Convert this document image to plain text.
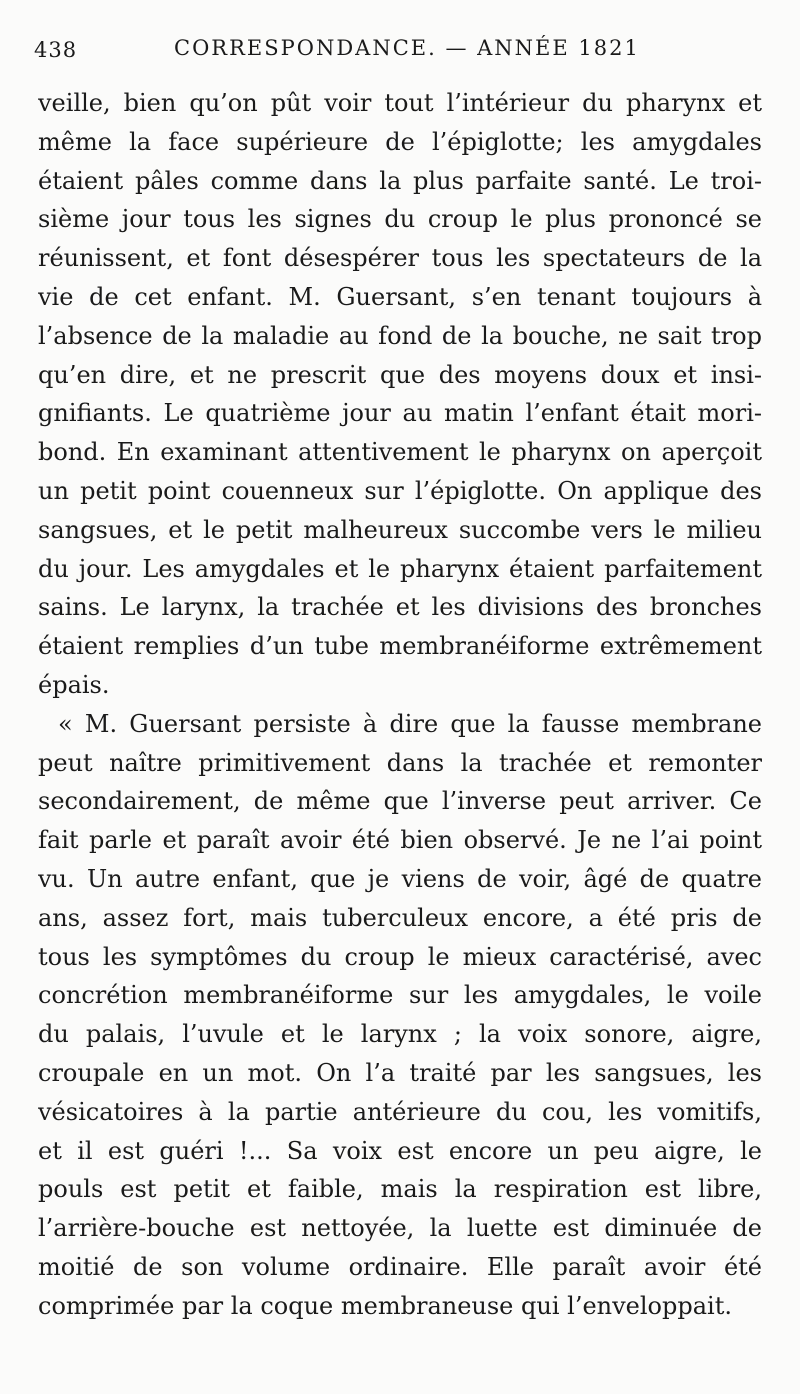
438	CORRESPONDANCE. — ANNÉE 1821
veille, bien qu’on pût voir tout l’intérieur du pharynx et
même la face supérieure de l’épiglotte; les amygdales
étaient pâles comme dans la plus parfaite santé. Le troi-
sième jour tous les signes du croup le plus prononcé se
réunissent, et font désespérer tous les spectateurs de la
vie de cet enfant. M. Guersant, s’en tenant toujours à
l’absence de la maladie au fond de la bouche, ne sait trop
qu’en dire, et ne prescrit que des moyens doux et insi-
gnifiants. Le quatrième jour au matin l’enfant était mori-
bond. En examinant attentivement le pharynx on aperçoit
un petit point couenneux sur l’épiglotte. On applique des
sangsues, et le petit malheureux succombe vers le milieu
du jour. Les amygdales et le pharynx étaient parfaitement
sains. Le larynx, la trachée et les divisions des bronches
étaient remplies d’un tube membranéiforme extrêmement
épais.
« M. Guersant persiste à dire que la fausse membrane
peut naître primitivement dans la trachée et remonter
secondairement, de même que l’inverse peut arriver. Ce
fait parle et paraît avoir été bien observé. Je ne l’ai point
vu. Un autre enfant, que je viens de voir, âgé de quatre
ans, assez fort, mais tuberculeux encore, a été pris de
tous les symptômes du croup le mieux caractérisé, avec
concrétion membranéiforme sur les amygdales, le voile
du palais, l’uvule et le larynx ; la voix sonore, aigre,
croupale en un mot. On l’a traité par les sangsues, les
vésicatoires à la partie antérieure du cou, les vomitifs,
et il est guéri !... Sa voix est encore un peu aigre, le
pouls est petit et faible, mais la respiration est libre,
l’arrière-bouche est nettoyée, la luette est diminuée de
moitié de son volume ordinaire. Elle paraît avoir été
comprimée par la coque membraneuse qui l’enveloppait.
